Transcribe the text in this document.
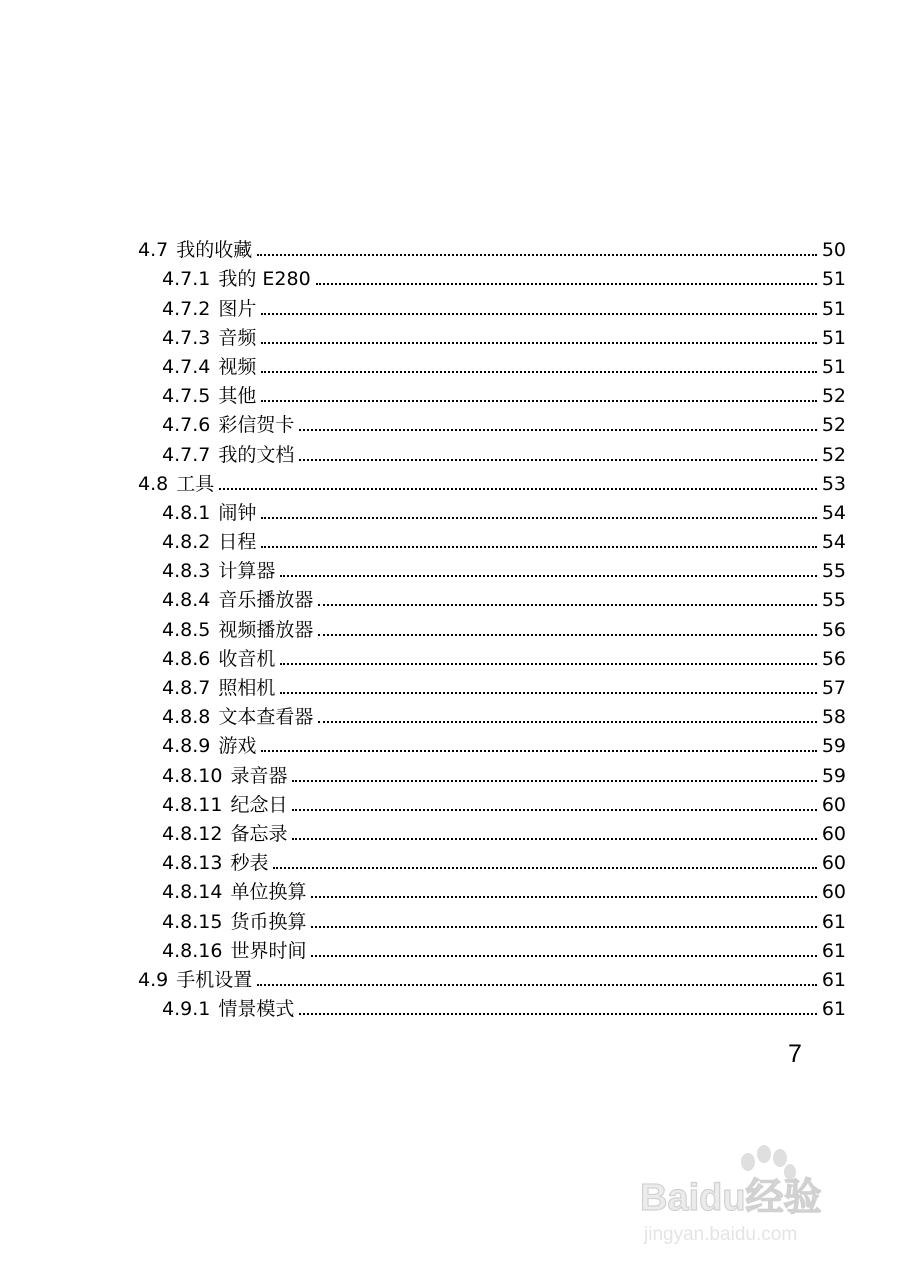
4.7 我的收藏	50
4.7.1 我的 E280	51
4.7.2 图片	51
4.7.3 音频	51
4.7.4 视频	51
4.7.5 其他	52
4.7.6 彩信贺卡	52
4.7.7 我的文档	52
4.8 工具	53
4.8.1 闹钟	54
4.8.2 日程	54
4.8.3 计算器	55
4.8.4 音乐播放器	55
4.8.5 视频播放器	56
4.8.6 收音机	56
4.8.7 照相机	57
4.8.8 文本查看器	58
4.8.9 游戏	59
4.8.10 录音器	59
4.8.11 纪念日	60
4.8.12 备忘录	60
4.8.13 秒表	60
4.8.14 单位换算	60
4.8.15 货币换算	61
4.8.16 世界时间	61
4.9 手机设置	61
4.9.1 情景模式	61
7
Baidu经验
jingyan.baidu.com
